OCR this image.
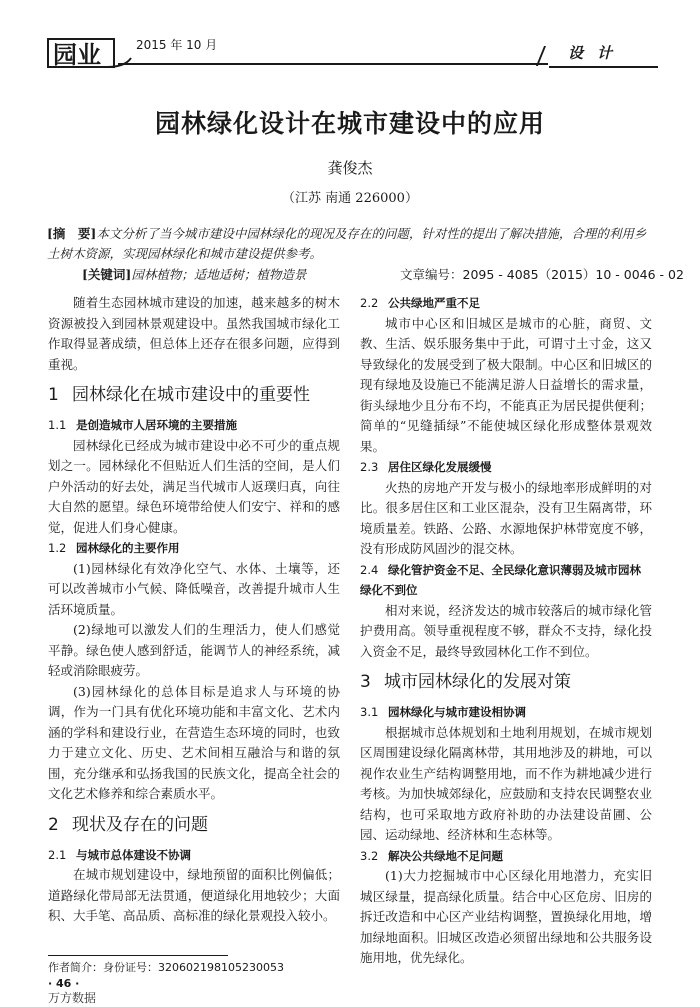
园业	2015 年 10 月	设计
园林绿化设计在城市建设中的应用
龚俊杰
（江苏 南通 226000）
[摘　要]本文分析了当今城市建设中园林绿化的现况及存在的问题，针对性的提出了解决措施，合理的利用乡土树木资源，实现园林绿化和城市建设提供参考。
[关键词]园林植物；适地适树；植物造景	文章编号：2095 - 4085（2015）10 - 0046 - 02

随着生态园林城市建设的加速，越来越多的树木资源被投入到园林景观建设中。虽然我国城市绿化工作取得显著成绩，但总体上还存在很多问题，应得到重视。

1 园林绿化在城市建设中的重要性
1.1 是创造城市人居环境的主要措施

园林绿化已经成为城市建设中必不可少的重点规划之一。园林绿化不但贴近人们生活的空间，是人们户外活动的好去处，满足当代城市人返璞归真，向往大自然的愿望。绿色环境带给使人们安宁、祥和的感觉，促进人们身心健康。

1.2 园林绿化的主要作用

(1)园林绿化有效净化空气、水体、土壤等，还可以改善城市小气候、降低噪音，改善提升城市人生活环境质量。

(2)绿地可以激发人们的生理活力，使人们感觉平静。绿色使人感到舒适，能调节人的神经系统，减轻或消除眼疲劳。

(3)园林绿化的总体目标是追求人与环境的协调，作为一门具有优化环境功能和丰富文化、艺术内涵的学科和建设行业，在营造生态环境的同时，也致力于建立文化、历史、艺术间相互融洽与和谐的氛围，充分继承和弘扬我国的民族文化，提高全社会的文化艺术修养和综合素质水平。

2 现状及存在的问题
2.1 与城市总体建设不协调

在城市规划建设中，绿地预留的面积比例偏低；道路绿化带局部无法贯通，便道绿化用地较少；大面积、大手笔、高品质、高标准的绿化景观投入较小。

2.2 公共绿地严重不足

城市中心区和旧城区是城市的心脏，商贸、文教、生活、娱乐服务集中于此，可谓寸土寸金，这又导致绿化的发展受到了极大限制。中心区和旧城区的现有绿地及设施已不能满足游人日益增长的需求量，街头绿地少且分布不均，不能真正为居民提供便利；简单的“见缝插绿”不能使城区绿化形成整体景观效果。

2.3 居住区绿化发展缓慢

火热的房地产开发与极小的绿地率形成鲜明的对比。很多居住区和工业区混杂，没有卫生隔离带，环境质量差。铁路、公路、水源地保护林带宽度不够，没有形成防风固沙的混交林。

2.4 绿化管护资金不足、全民绿化意识薄弱及城市园林绿化不到位

相对来说，经济发达的城市较落后的城市绿化管护费用高。领导重视程度不够，群众不支持，绿化投入资金不足，最终导致园林化工作不到位。

3 城市园林绿化的发展对策
3.1 园林绿化与城市建设相协调

根据城市总体规划和土地利用规划，在城市规划区周围建设绿化隔离林带，其用地涉及的耕地，可以视作农业生产结构调整用地，而不作为耕地减少进行考核。为加快城郊绿化，应鼓励和支持农民调整农业结构，也可采取地方政府补助的办法建设苗圃、公园、运动绿地、经济林和生态林等。

3.2 解决公共绿地不足问题

(1)大力挖掘城市中心区绿化用地潜力，充实旧城区绿量，提高绿化质量。结合中心区危房、旧房的拆迁改造和中心区产业结构调整，置换绿化用地，增加绿地面积。旧城区改造必须留出绿地和公共服务设施用地，优先绿化。

作者简介：身份证号：320602198105230053
· 46 ·
万方数据
